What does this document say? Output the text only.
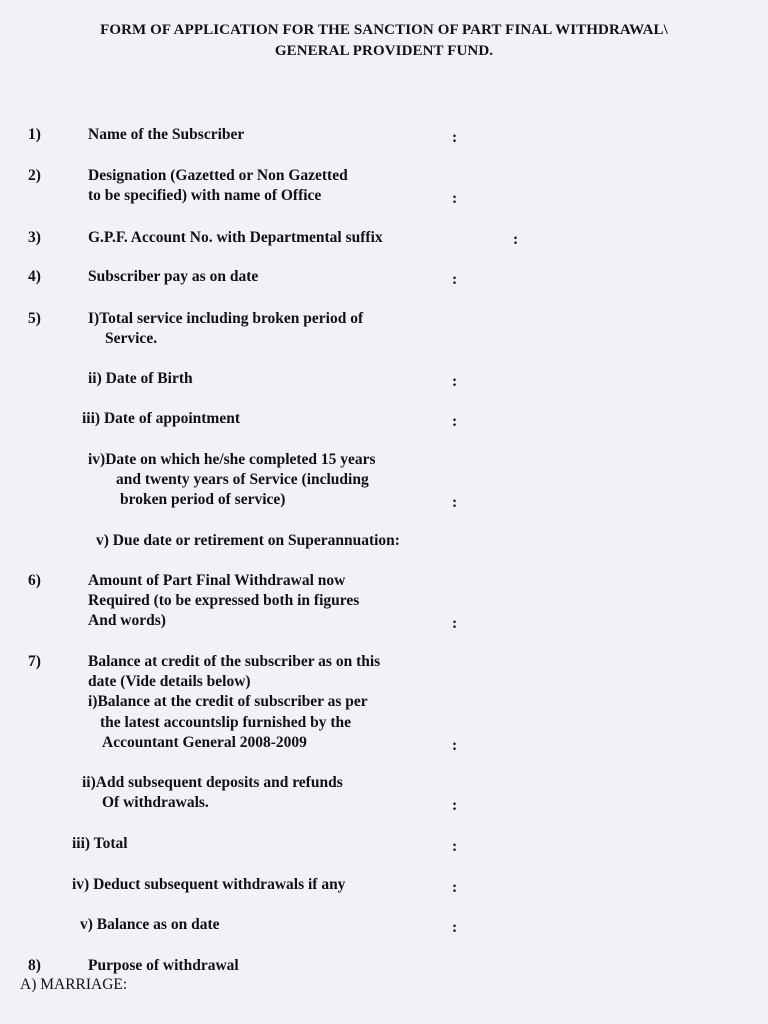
FORM OF APPLICATION FOR THE SANCTION OF PART FINAL WITHDRAWAL\
GENERAL PROVIDENT FUND.
1)	Name of the Subscriber	:
2)	Designation (Gazetted or Non Gazetted
to be specified) with name of Office	:
3)	G.P.F. Account No. with Departmental suffix	:
4)	Subscriber pay as on date	:
5)	I)Total service including broken period of
Service.
ii) Date of Birth	:
iii) Date of appointment	:
iv)Date on which he/she completed 15 years
and twenty years of Service (including
broken period of service)	:
v) Due date or retirement on Superannuation:
6)	Amount of Part Final Withdrawal now
Required (to be expressed both in figures
And words)	:
7)	Balance at credit of the subscriber as on this
date (Vide details below)
i)Balance at the credit of subscriber as per
the latest accountslip furnished by the
Accountant General 2008-2009	:
ii)Add subsequent deposits and refunds
Of withdrawals.	:
iii) Total	:
iv) Deduct subsequent withdrawals if any	:
v) Balance as on date	:
8)	Purpose of withdrawal
A) MARRIAGE:
